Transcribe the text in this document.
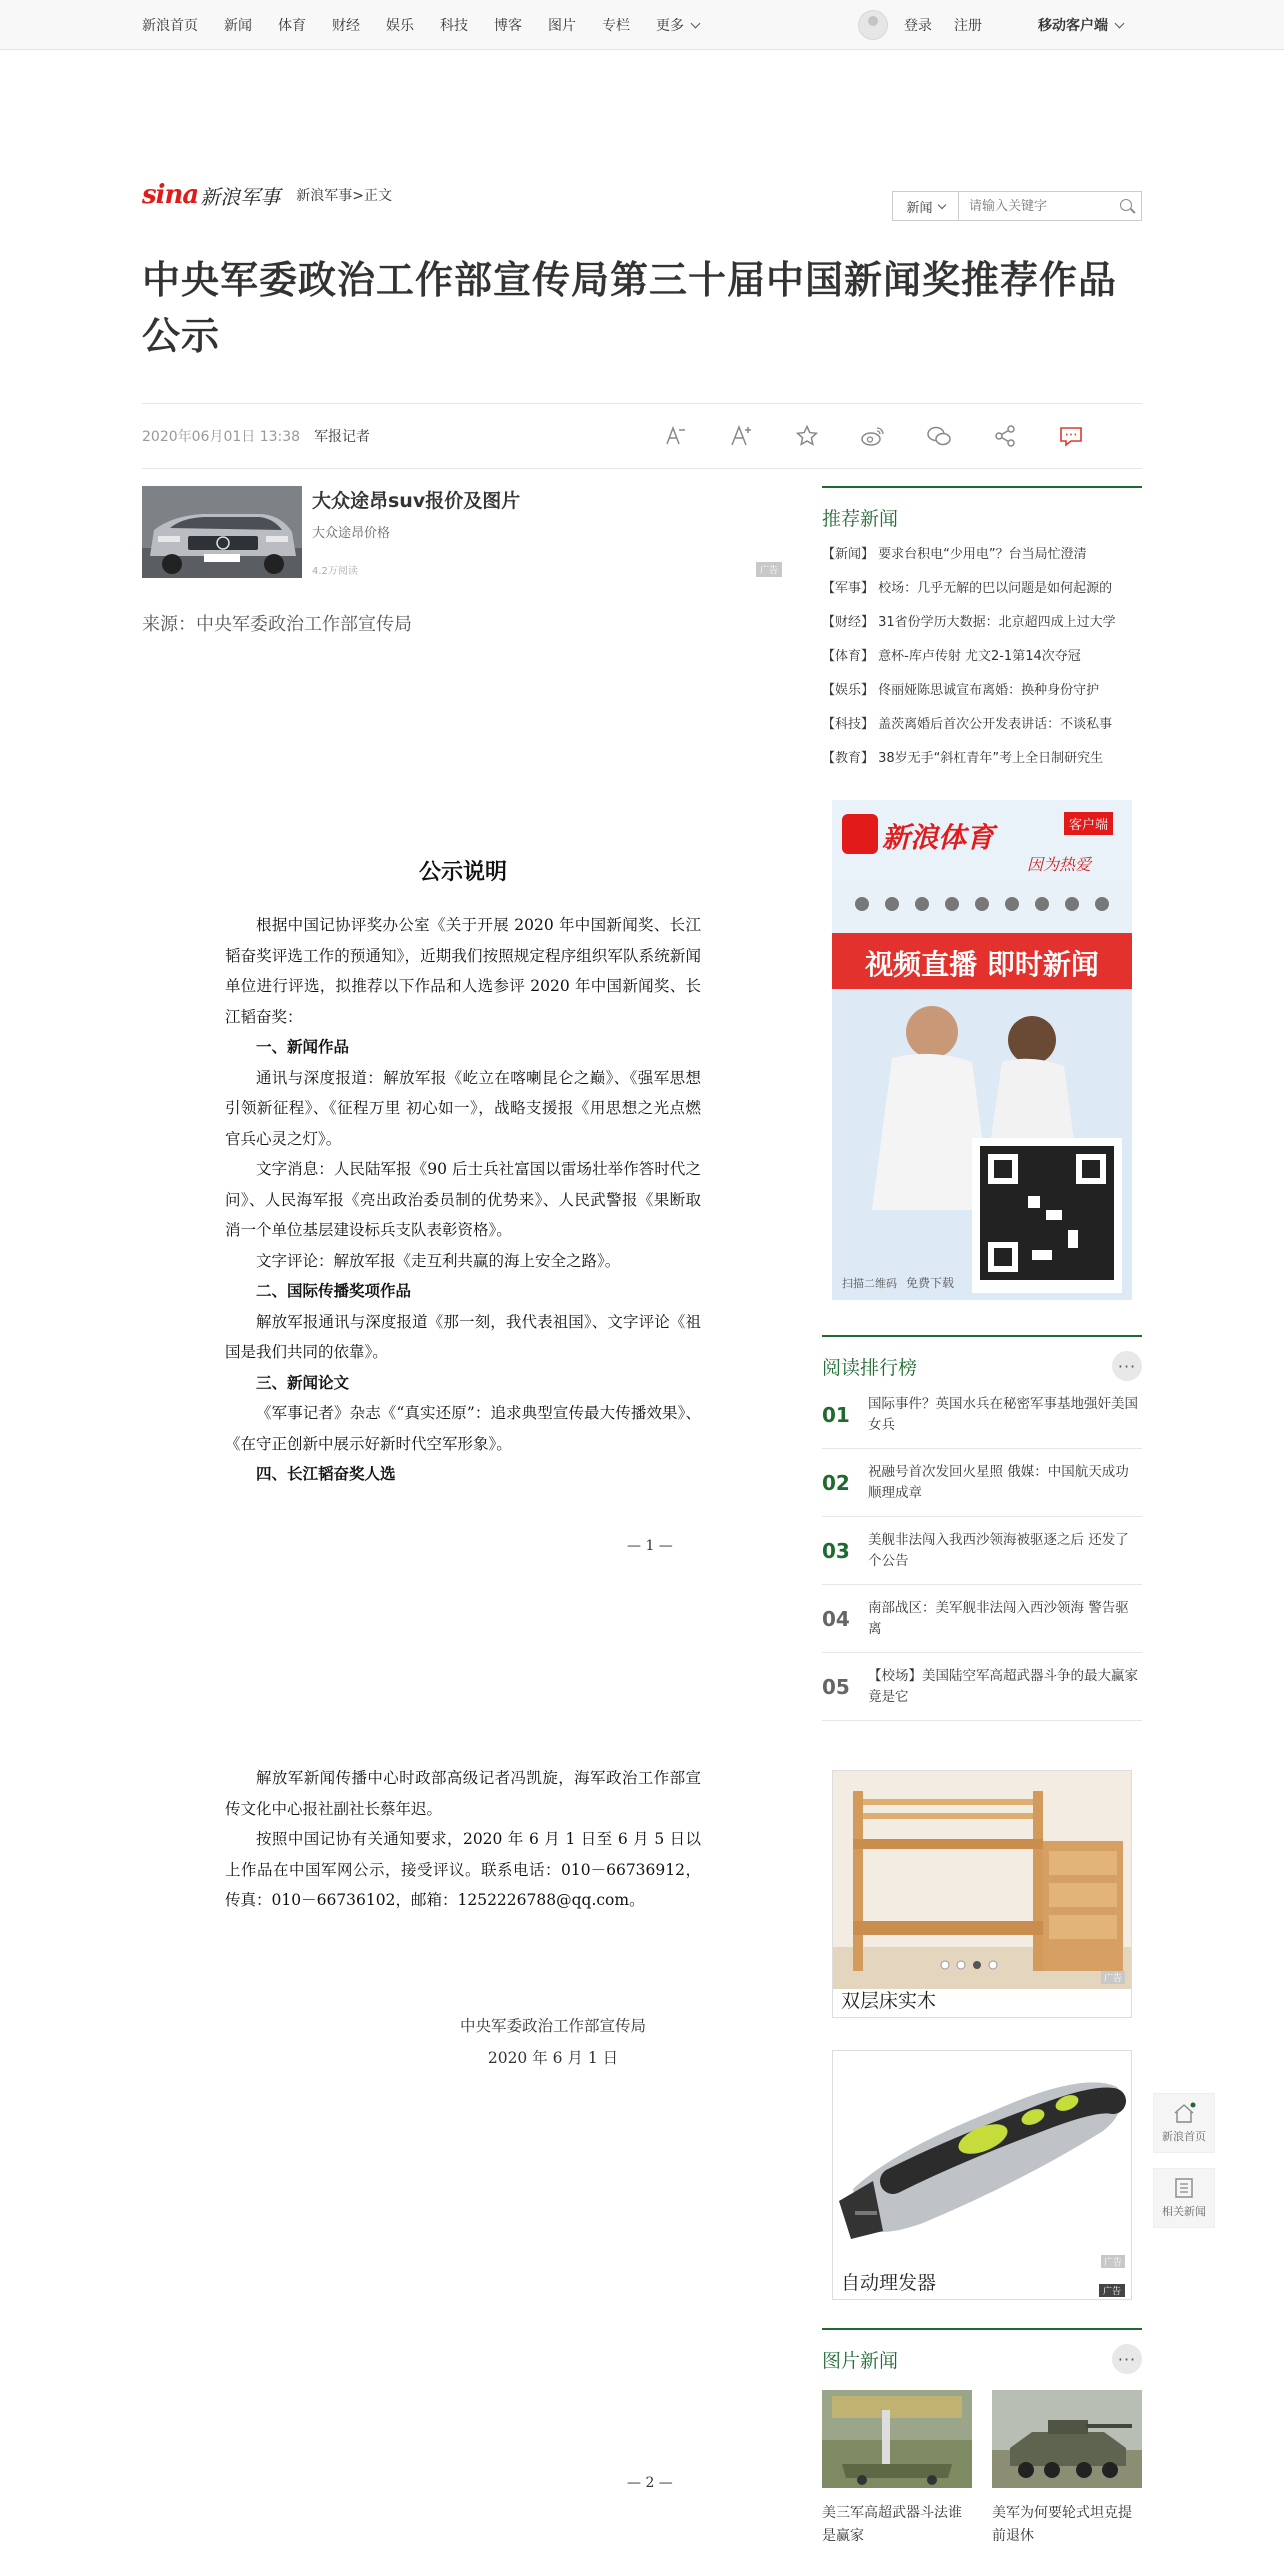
新浪首页 新闻 体育 财经 娱乐 科技 博客 图片 专栏 更多	登录 注册	移动客户端
sina 新浪军事 新浪军事>正文
新闻
请输入关键字
中央军委政治工作部宣传局第三十届中国新闻奖推荐作品公示
2020年06月01日 13:38 军报记者
大众途昂suv报价及图片
大众途昂价格
4.2万阅读	广告
来源：中央军委政治工作部宣传局
公示说明

根据中国记协评奖办公室《关于开展 2020 年中国新闻奖、长江韬奋奖评选工作的预通知》，近期我们按照规定程序组织军队系统新闻单位进行评选，拟推荐以下作品和人选参评 2020 年中国新闻奖、长江韬奋奖：

一、新闻作品

通讯与深度报道：解放军报《屹立在喀喇昆仑之巅》、《强军思想引领新征程》、《征程万里 初心如一》，战略支援报《用思想之光点燃官兵心灵之灯》。

文字消息：人民陆军报《90 后士兵社富国以雷场壮举作答时代之问》、人民海军报《亮出政治委员制的优势来》、人民武警报《果断取消一个单位基层建设标兵支队表彰资格》。

文字评论：解放军报《走互利共赢的海上安全之路》。

二、国际传播奖项作品

解放军报通讯与深度报道《那一刻，我代表祖国》、文字评论《祖国是我们共同的依靠》。

三、新闻论文

《军事记者》杂志《“真实还原”：追求典型宣传最大传播效果》、《在守正创新中展示好新时代空军形象》。

四、长江韬奋奖人选

— 1 —

解放军新闻传播中心时政部高级记者冯凯旋，海军政治工作部宣传文化中心报社副社长蔡年迟。

按照中国记协有关通知要求，2020 年 6 月 1 日至 6 月 5 日以上作品在中国军网公示，接受评议。联系电话：010－66736912，传真：010－66736102，邮箱：1252226788@qq.com。

中央军委政治工作部宣传局
2020 年 6 月 1 日
— 2 —
推荐新闻
【新闻】 要求台积电“少用电”？台当局忙澄清
【军事】 校场：几乎无解的巴以问题是如何起源的
【财经】 31省份学历大数据：北京超四成上过大学
【体育】 意杯-库卢传射 尤文2-1第14次夺冠
【娱乐】 佟丽娅陈思诚宣布离婚：换种身份守护
【科技】 盖茨离婚后首次公开发表讲话：不谈私事
【教育】 38岁无手“斜杠青年”考上全日制研究生
新浪体育	客户端
因为热爱
视频直播 即时新闻
扫描二维码 免费下载
阅读排行榜	···
01	国际事件？英国水兵在秘密军事基地强奸美国女兵
02	祝融号首次发回火星照 俄媒：中国航天成功顺理成章
03	美舰非法闯入我西沙领海被驱逐之后 还发了个公告
04	南部战区：美军舰非法闯入西沙领海 警告驱离
05	【校场】美国陆空军高超武器斗争的最大赢家竟是它
广告
双层床实木
广告
自动理发器	广告
图片新闻	···
美三军高超武器斗法谁是赢家
美军为何要轮式坦克提前退休
新浪首页
相关新闻
